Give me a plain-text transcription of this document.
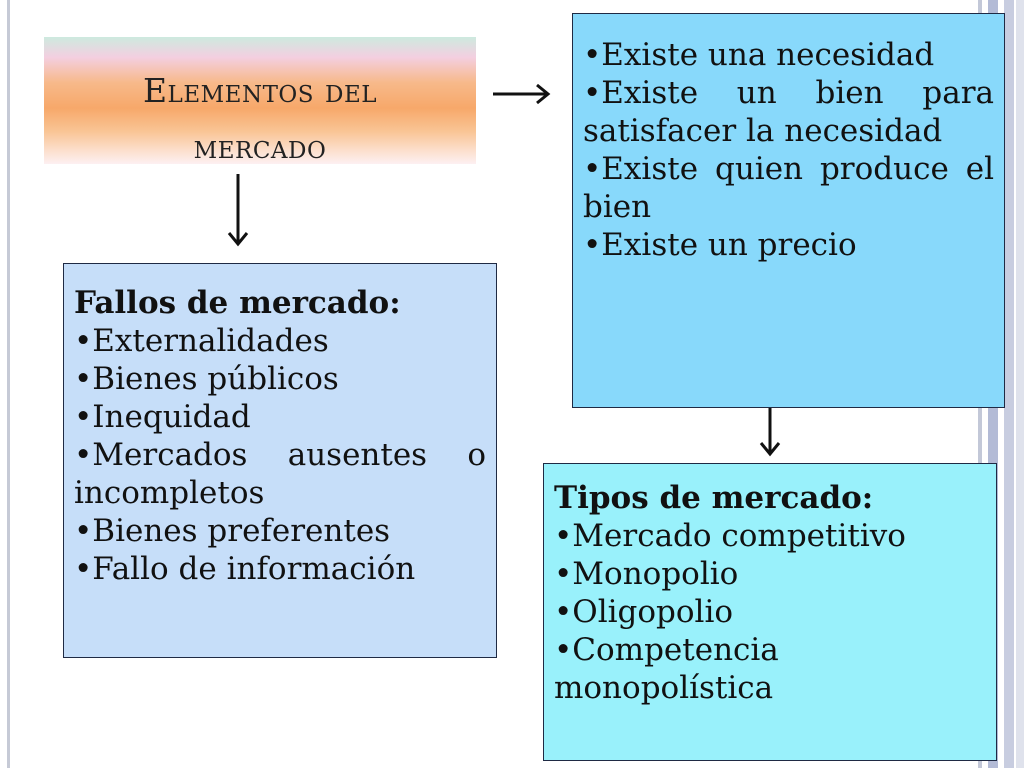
Elementos del
mercado

Fallos de mercado:

• Externalidades
• Bienes públicos
• Inequidad
• Mercados ausentes o incompletos
• Bienes preferentes
• Fallo de información
• Existe una necesidad
• Existe un bien para satisfacer la necesidad
• Existe quien produce el bien
• Existe un precio

Tipos de mercado:

• Mercado competitivo
• Monopolio
• Oligopolio
• Competencia monopolística
